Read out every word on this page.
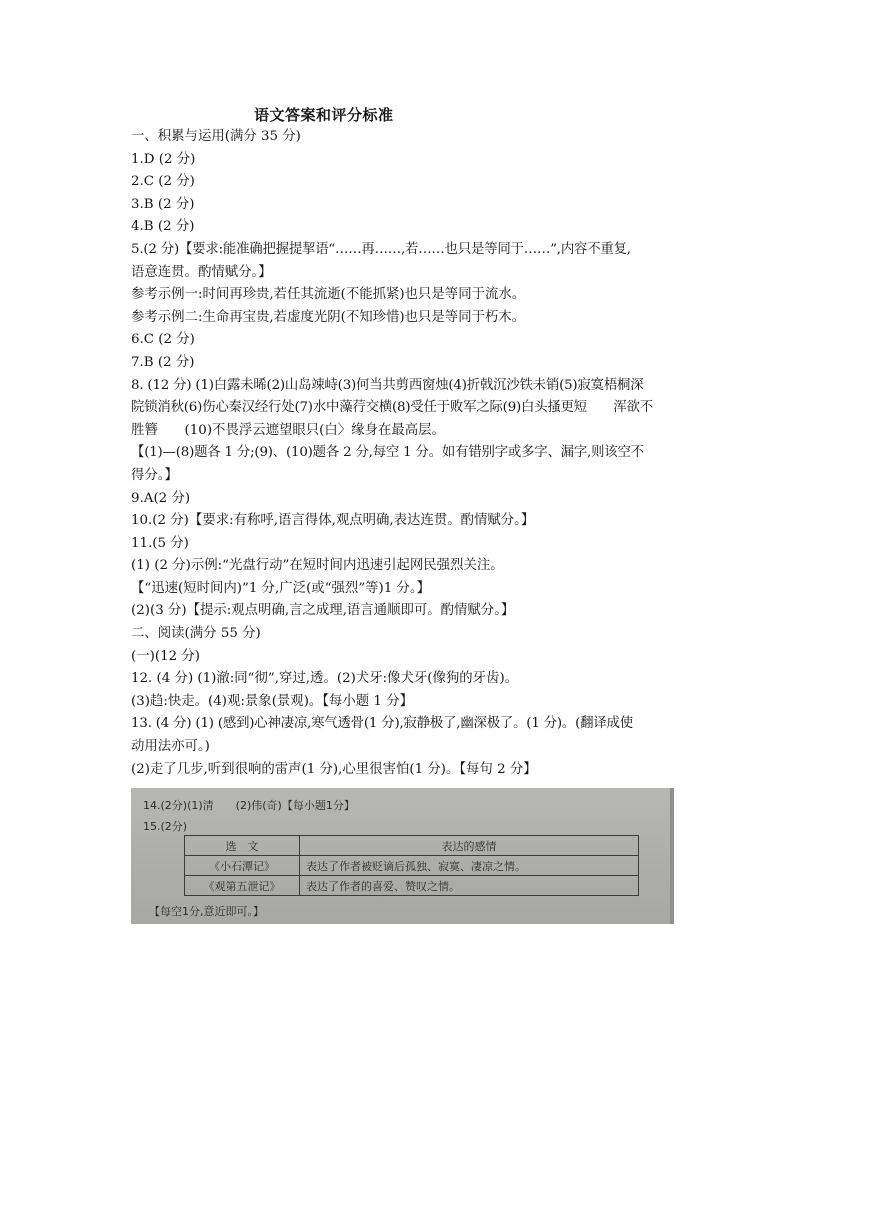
语文答案和评分标准
一、积累与运用(满分 35 分)
1.D (2 分)
2.C (2 分)
3.B (2 分)
4.B (2 分)
5.(2 分)【要求:能准确把握提挈语“……再……,若……也只是等同于……”,内容不重复,
语意连贯。酌情赋分。】
参考示例一:时间再珍贵,若任其流逝(不能抓紧)也只是等同于流水。
参考示例二:生命再宝贵,若虚度光阴(不知珍惜)也只是等同于朽木。
6.C (2 分)
7.B (2 分)
8. (12 分) (1)白露未晞(2)山岛竦峙(3)何当共剪西窗烛(4)折戟沉沙铁未销(5)寂寞梧桐深
院锁消秋(6)伤心秦汉经行处(7)水中藻荇交横(8)受任于败军之际(9)白头搔更短　　浑欲不
胜簪　　(10)不畏浮云遮望眼只(白〉缘身在最高层。
【(1)—(8)题各 1 分;(9)、(10)题各 2 分,每空 1 分。如有错别字或多字、漏字,则该空不
得分。】
9.A(2 分)
10.(2 分)【要求:有称呼,语言得体,观点明确,表达连贯。酌情赋分。】
11.(5 分)
(1) (2 分)示例:“光盘行动”在短时间内迅速引起网民强烈关注。
【“迅速(短时间内)”1 分,广泛(或“强烈”等)1 分。】
(2)(3 分)【提示:观点明确,言之成理,语言通顺即可。酌情赋分。】
二、阅读(满分 55 分)
(一)(12 分)
12. (4 分) (1)澈:同“彻”,穿过,透。(2)犬牙:像犬牙(像狗的牙齿)。
(3)趋:快走。(4)观:景象(景观)。【每小题 1 分】
13. (4 分) (1) (感到)心神凄凉,寒气透骨(1 分),寂静极了,幽深极了。(1 分)。(翻译成使
动用法亦可。)
(2)走了几步,听到很响的雷声(1 分),心里很害怕(1 分)。【每句 2 分】
14.(2分)(1)清　　(2)伟(奇)【每小题1分】
15.(2分)
选　文	表达的感情
《小石潭记》	表达了作者被贬谪后孤独、寂寞、凄凉之情。
《观第五泄记》	表达了作者的喜爱、赞叹之情。
【每空1分,意近即可。】
